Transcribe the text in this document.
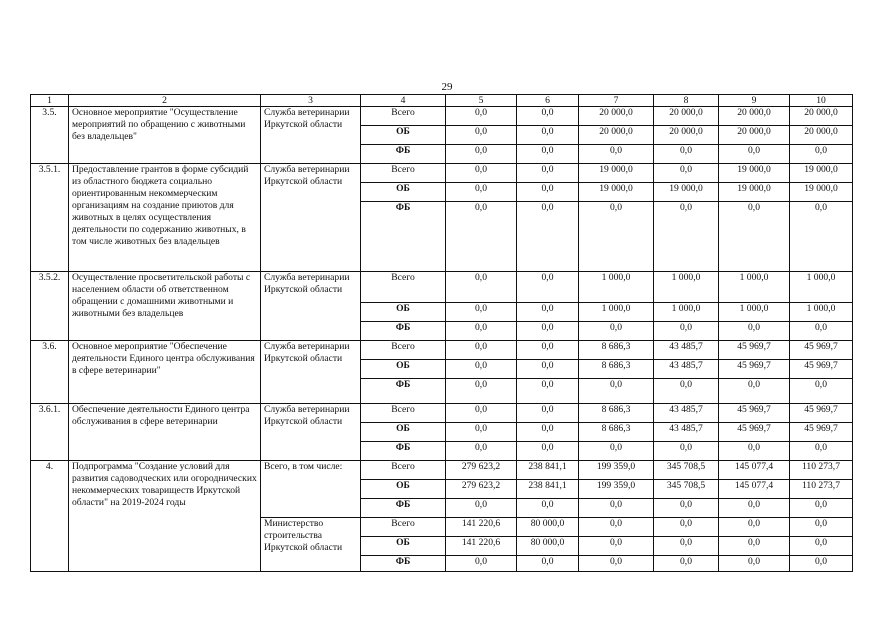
29
1	2	3	4	5	6	7	8	9	10
3.5.	Основное мероприятие "Осуществление мероприятий по обращению с животными без владельцев"	Служба ветеринарии Иркутской области	Всего	0,0	0,0	20 000,0	20 000,0	20 000,0	20 000,0
			ОБ	0,0	0,0	20 000,0	20 000,0	20 000,0	20 000,0
			ФБ	0,0	0,0	0,0	0,0	0,0	0,0
3.5.1.	Предоставление грантов в форме субсидий из областного бюджета социально ориентированным некоммерческим организациям на создание приютов для животных в целях осуществления деятельности по содержанию животных, в том числе животных без владельцев	Служба ветеринарии Иркутской области	Всего	0,0	0,0	19 000,0	0,0	19 000,0	19 000,0
			ОБ	0,0	0,0	19 000,0	19 000,0	19 000,0	19 000,0
			ФБ	0,0	0,0	0,0	0,0	0,0	0,0
3.5.2.	Осуществление просветительской работы с населением области об ответственном обращении с домашними животными и животными без владельцев	Служба ветеринарии Иркутской области	Всего	0,0	0,0	1 000,0	1 000,0	1 000,0	1 000,0
			ОБ	0,0	0,0	1 000,0	1 000,0	1 000,0	1 000,0
			ФБ	0,0	0,0	0,0	0,0	0,0	0,0
3.6.	Основное мероприятие "Обеспечение деятельности Единого центра обслуживания в сфере ветеринарии"	Служба ветеринарии Иркутской области	Всего	0,0	0,0	8 686,3	43 485,7	45 969,7	45 969,7
			ОБ	0,0	0,0	8 686,3	43 485,7	45 969,7	45 969,7
			ФБ	0,0	0,0	0,0	0,0	0,0	0,0
3.6.1.	Обеспечение деятельности Единого центра обслуживания в сфере ветеринарии	Служба ветеринарии Иркутской области	Всего	0,0	0,0	8 686,3	43 485,7	45 969,7	45 969,7
			ОБ	0,0	0,0	8 686,3	43 485,7	45 969,7	45 969,7
			ФБ	0,0	0,0	0,0	0,0	0,0	0,0
4.	Подпрограмма "Создание условий для развития садоводческих или огороднических некоммерческих товариществ Иркутской области" на 2019-2024 годы	Всего, в том числе:	Всего	279 623,2	238 841,1	199 359,0	345 708,5	145 077,4	110 273,7
			ОБ	279 623,2	238 841,1	199 359,0	345 708,5	145 077,4	110 273,7
			ФБ	0,0	0,0	0,0	0,0	0,0	0,0
		Министерство строительства Иркутской области	Всего	141 220,6	80 000,0	0,0	0,0	0,0	0,0
			ОБ	141 220,6	80 000,0	0,0	0,0	0,0	0,0
			ФБ	0,0	0,0	0,0	0,0	0,0	0,0
